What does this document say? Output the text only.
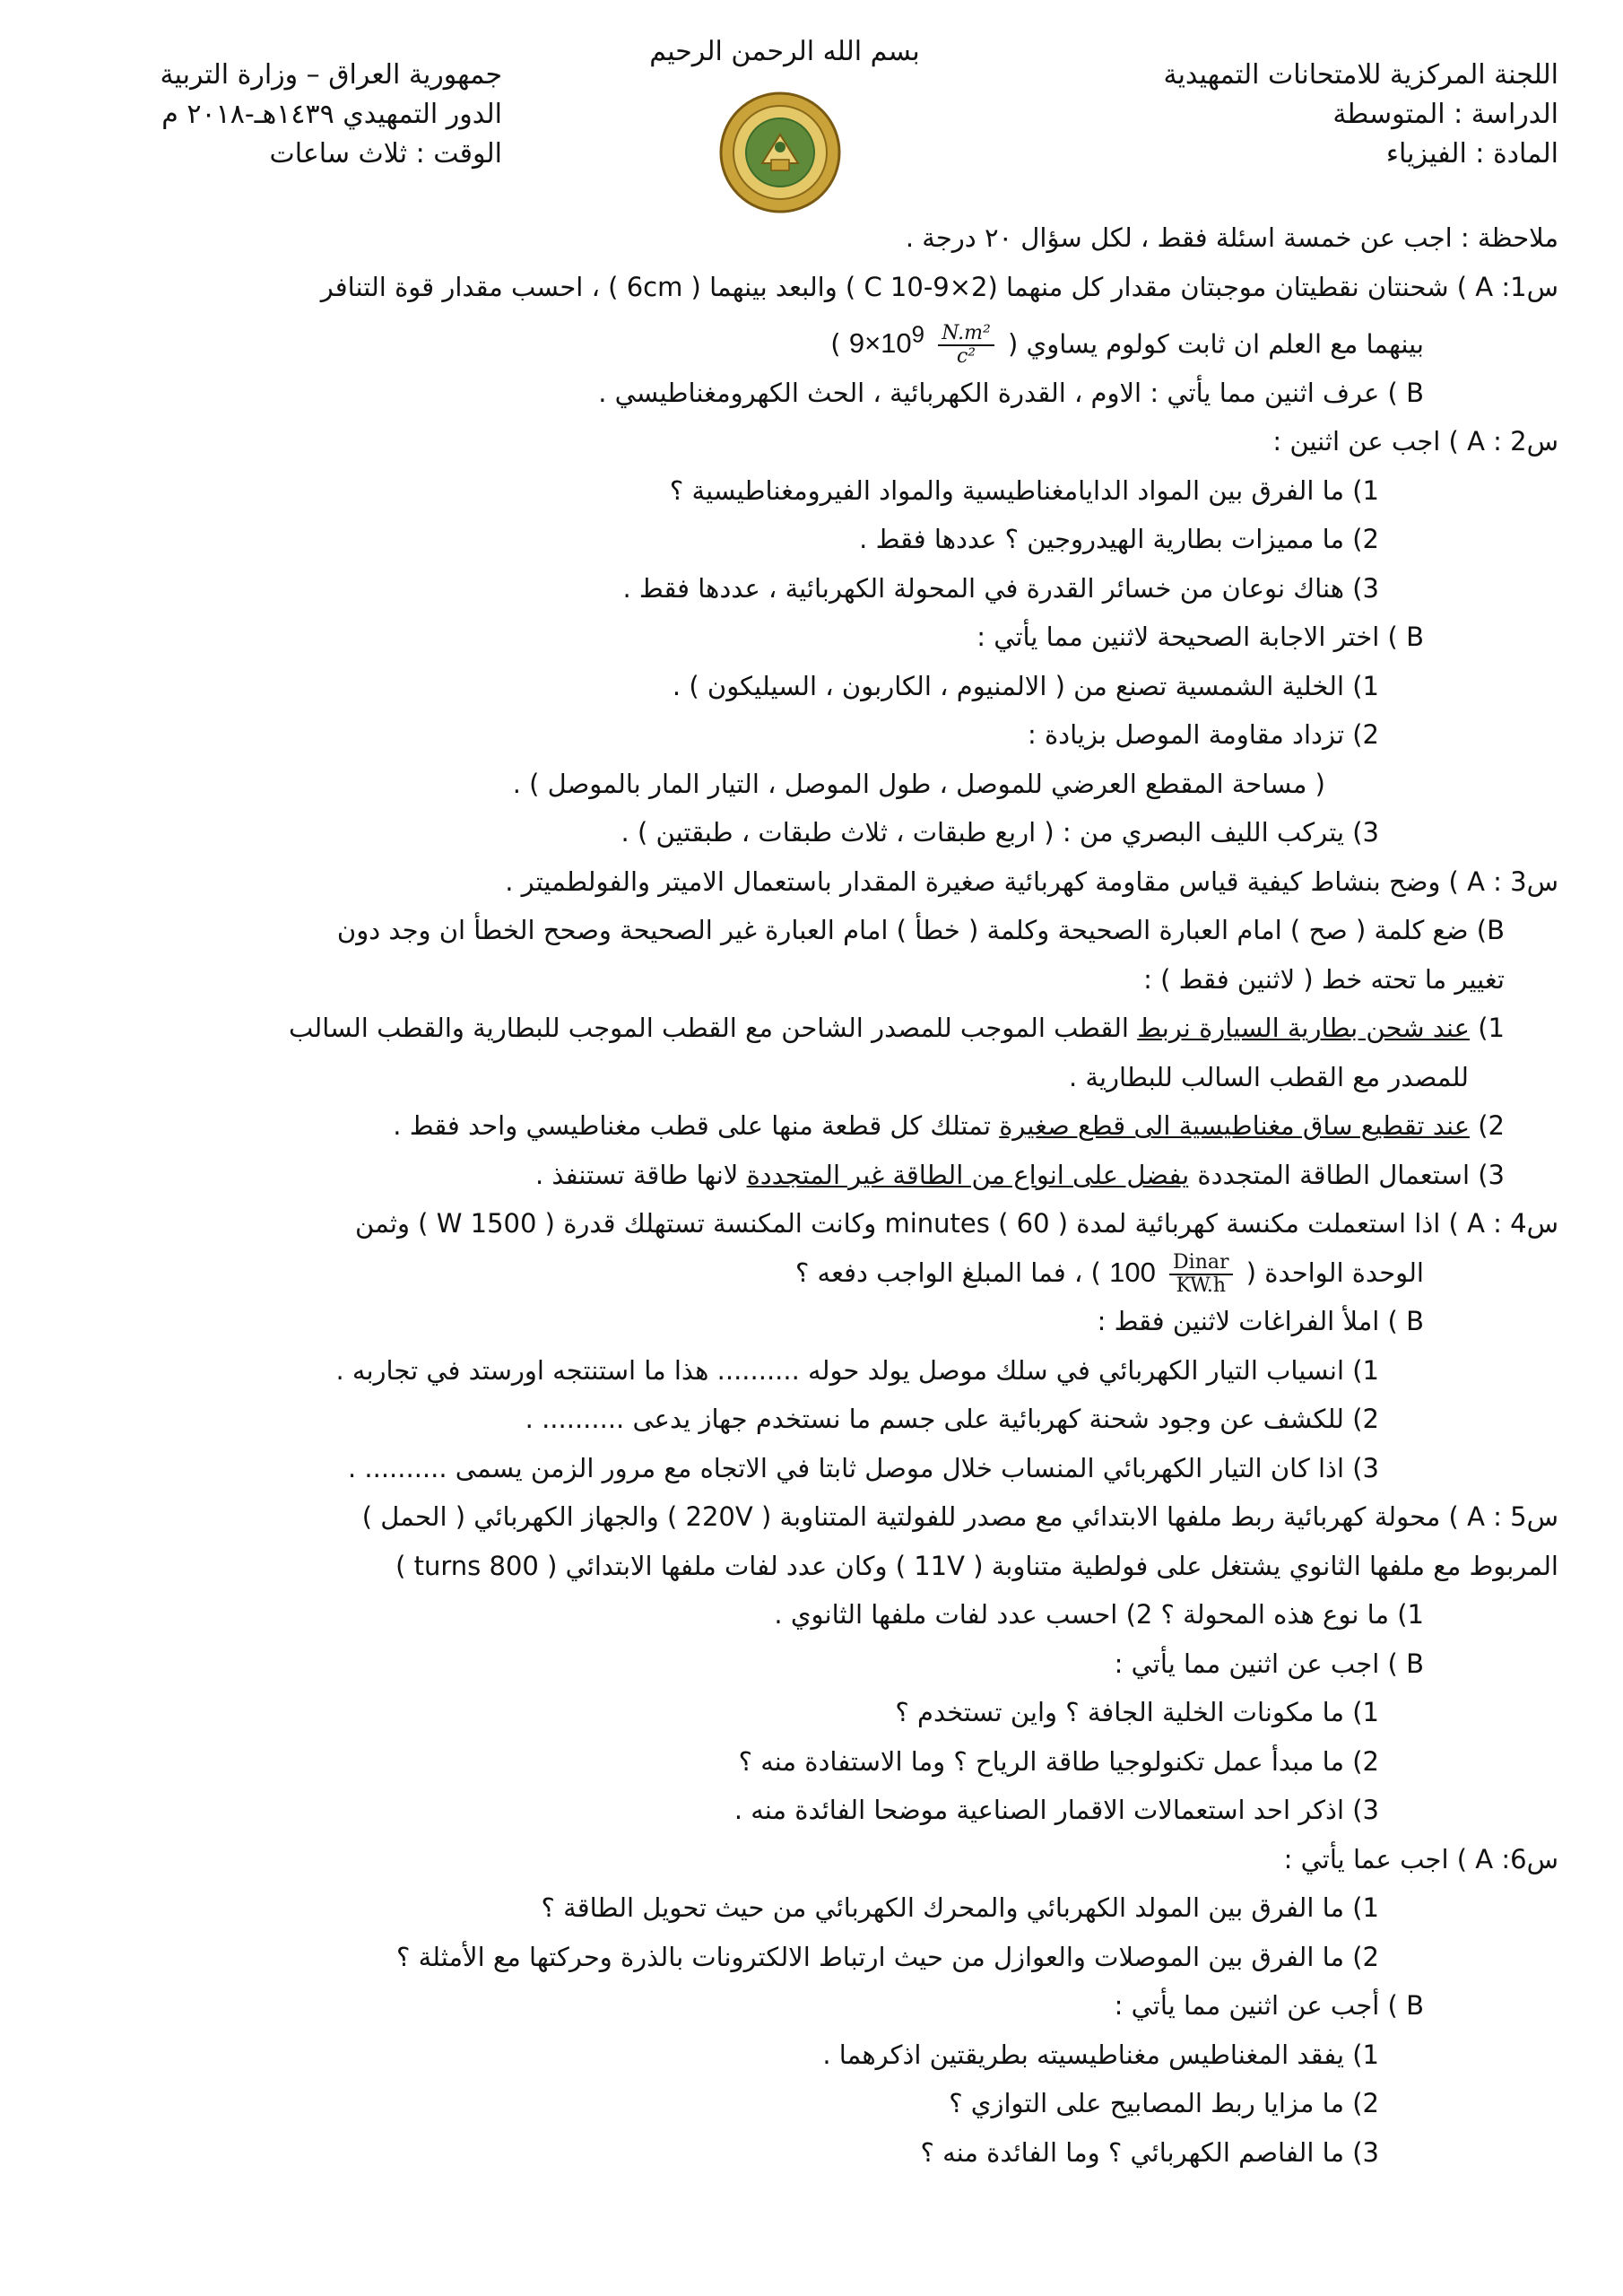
اللجنة المركزية للامتحانات التمهيدية
الدراسة : المتوسطة
المادة : الفيزياء
بسم الله الرحمن الرحيم
جمهورية العراق – وزارة التربية
الدور التمهيدي ١٤٣٩هـ-٢٠١٨ م
الوقت : ثلاث ساعات
ملاحظة : اجب عن خمسة اسئلة فقط ، لكل سؤال ٢٠ درجة .
س1: A ) شحنتان نقطيتان موجبتان مقدار كل منهما (C 10-9×2 ) والبعد بينهما ( 6cm ) ، احسب مقدار قوة التنافر
بينهما مع العلم ان ثابت كولوم يساوي (
$\frac{\text{N.m²}}{\text{c²}}$
$9\times 10^9$ )
B ) عرف اثنين مما يأتي : الاوم ، القدرة الكهربائية ، الحث الكهرومغناطيسي .
س2 : A ) اجب عن اثنين :
1) ما الفرق بين المواد الدايامغناطيسية والمواد الفيرومغناطيسية ؟
2) ما مميزات بطارية الهيدروجين ؟ عددها فقط .
3) هناك نوعان من خسائر القدرة في المحولة الكهربائية ، عددها فقط .
B ) اختر الاجابة الصحيحة لاثنين مما يأتي :
1) الخلية الشمسية تصنع من ( الالمنيوم ، الكاربون ، السيليكون ) .
2) تزداد مقاومة الموصل بزيادة :
( مساحة المقطع العرضي للموصل ، طول الموصل ، التيار المار بالموصل ) .
3) يتركب الليف البصري من : ( اربع طبقات ، ثلاث طبقات ، طبقتين ) .
س3 : A ) وضح بنشاط كيفية قياس مقاومة كهربائية صغيرة المقدار باستعمال الاميتر والفولطميتر .
B) ضع كلمة ( صح ) امام العبارة الصحيحة وكلمة ( خطأ ) امام العبارة غير الصحيحة وصحح الخطأ ان وجد دون
تغيير ما تحته خط ( لاثنين فقط ) :
1) عند شحن بطارية السيارة نربط القطب الموجب للمصدر الشاحن مع القطب الموجب للبطارية والقطب السالب
للمصدر مع القطب السالب للبطارية .
2) عند تقطيع ساق مغناطيسية الى قطع صغيرة تمتلك كل قطعة منها على قطب مغناطيسي واحد فقط .
3) استعمال الطاقة المتجددة يفضل على انواع من الطاقة غير المتجددة لانها طاقة تستنفذ .
س4 : A ) اذا استعملت مكنسة كهربائية لمدة ( 60 ) minutes وكانت المكنسة تستهلك قدرة ( 1500 W ) وثمن
الوحدة الواحدة (
$\frac{\text{Dinar}}{KW.h}$
100 ) ، فما المبلغ الواجب دفعه ؟
B ) املأ الفراغات لاثنين فقط :
1) انسياب التيار الكهربائي في سلك موصل يولد حوله .......... هذا ما استنتجه اورستد في تجاربه .
2) للكشف عن وجود شحنة كهربائية على جسم ما نستخدم جهاز يدعى .......... .
3) اذا كان التيار الكهربائي المنساب خلال موصل ثابتا في الاتجاه مع مرور الزمن يسمى .......... .
س5 : A ) محولة كهربائية ربط ملفها الابتدائي مع مصدر للفولتية المتناوبة ( 220V ) والجهاز الكهربائي ( الحمل )
المربوط مع ملفها الثانوي يشتغل على فولطية متناوبة ( 11V ) وكان عدد لفات ملفها الابتدائي ( 800 turns )
1) ما نوع هذه المحولة ؟ 2) احسب عدد لفات ملفها الثانوي .
B ) اجب عن اثنين مما يأتي :
1) ما مكونات الخلية الجافة ؟ واين تستخدم ؟
2) ما مبدأ عمل تكنولوجيا طاقة الرياح ؟ وما الاستفادة منه ؟
3) اذكر احد استعمالات الاقمار الصناعية موضحا الفائدة منه .
س6: A ) اجب عما يأتي :
1) ما الفرق بين المولد الكهربائي والمحرك الكهربائي من حيث تحويل الطاقة ؟
2) ما الفرق بين الموصلات والعوازل من حيث ارتباط الالكترونات بالذرة وحركتها مع الأمثلة ؟
B ) أجب عن اثنين مما يأتي :
1) يفقد المغناطيس مغناطيسيته بطريقتين اذكرهما .
2) ما مزايا ربط المصابيح على التوازي ؟
3) ما الفاصم الكهربائي ؟ وما الفائدة منه ؟
